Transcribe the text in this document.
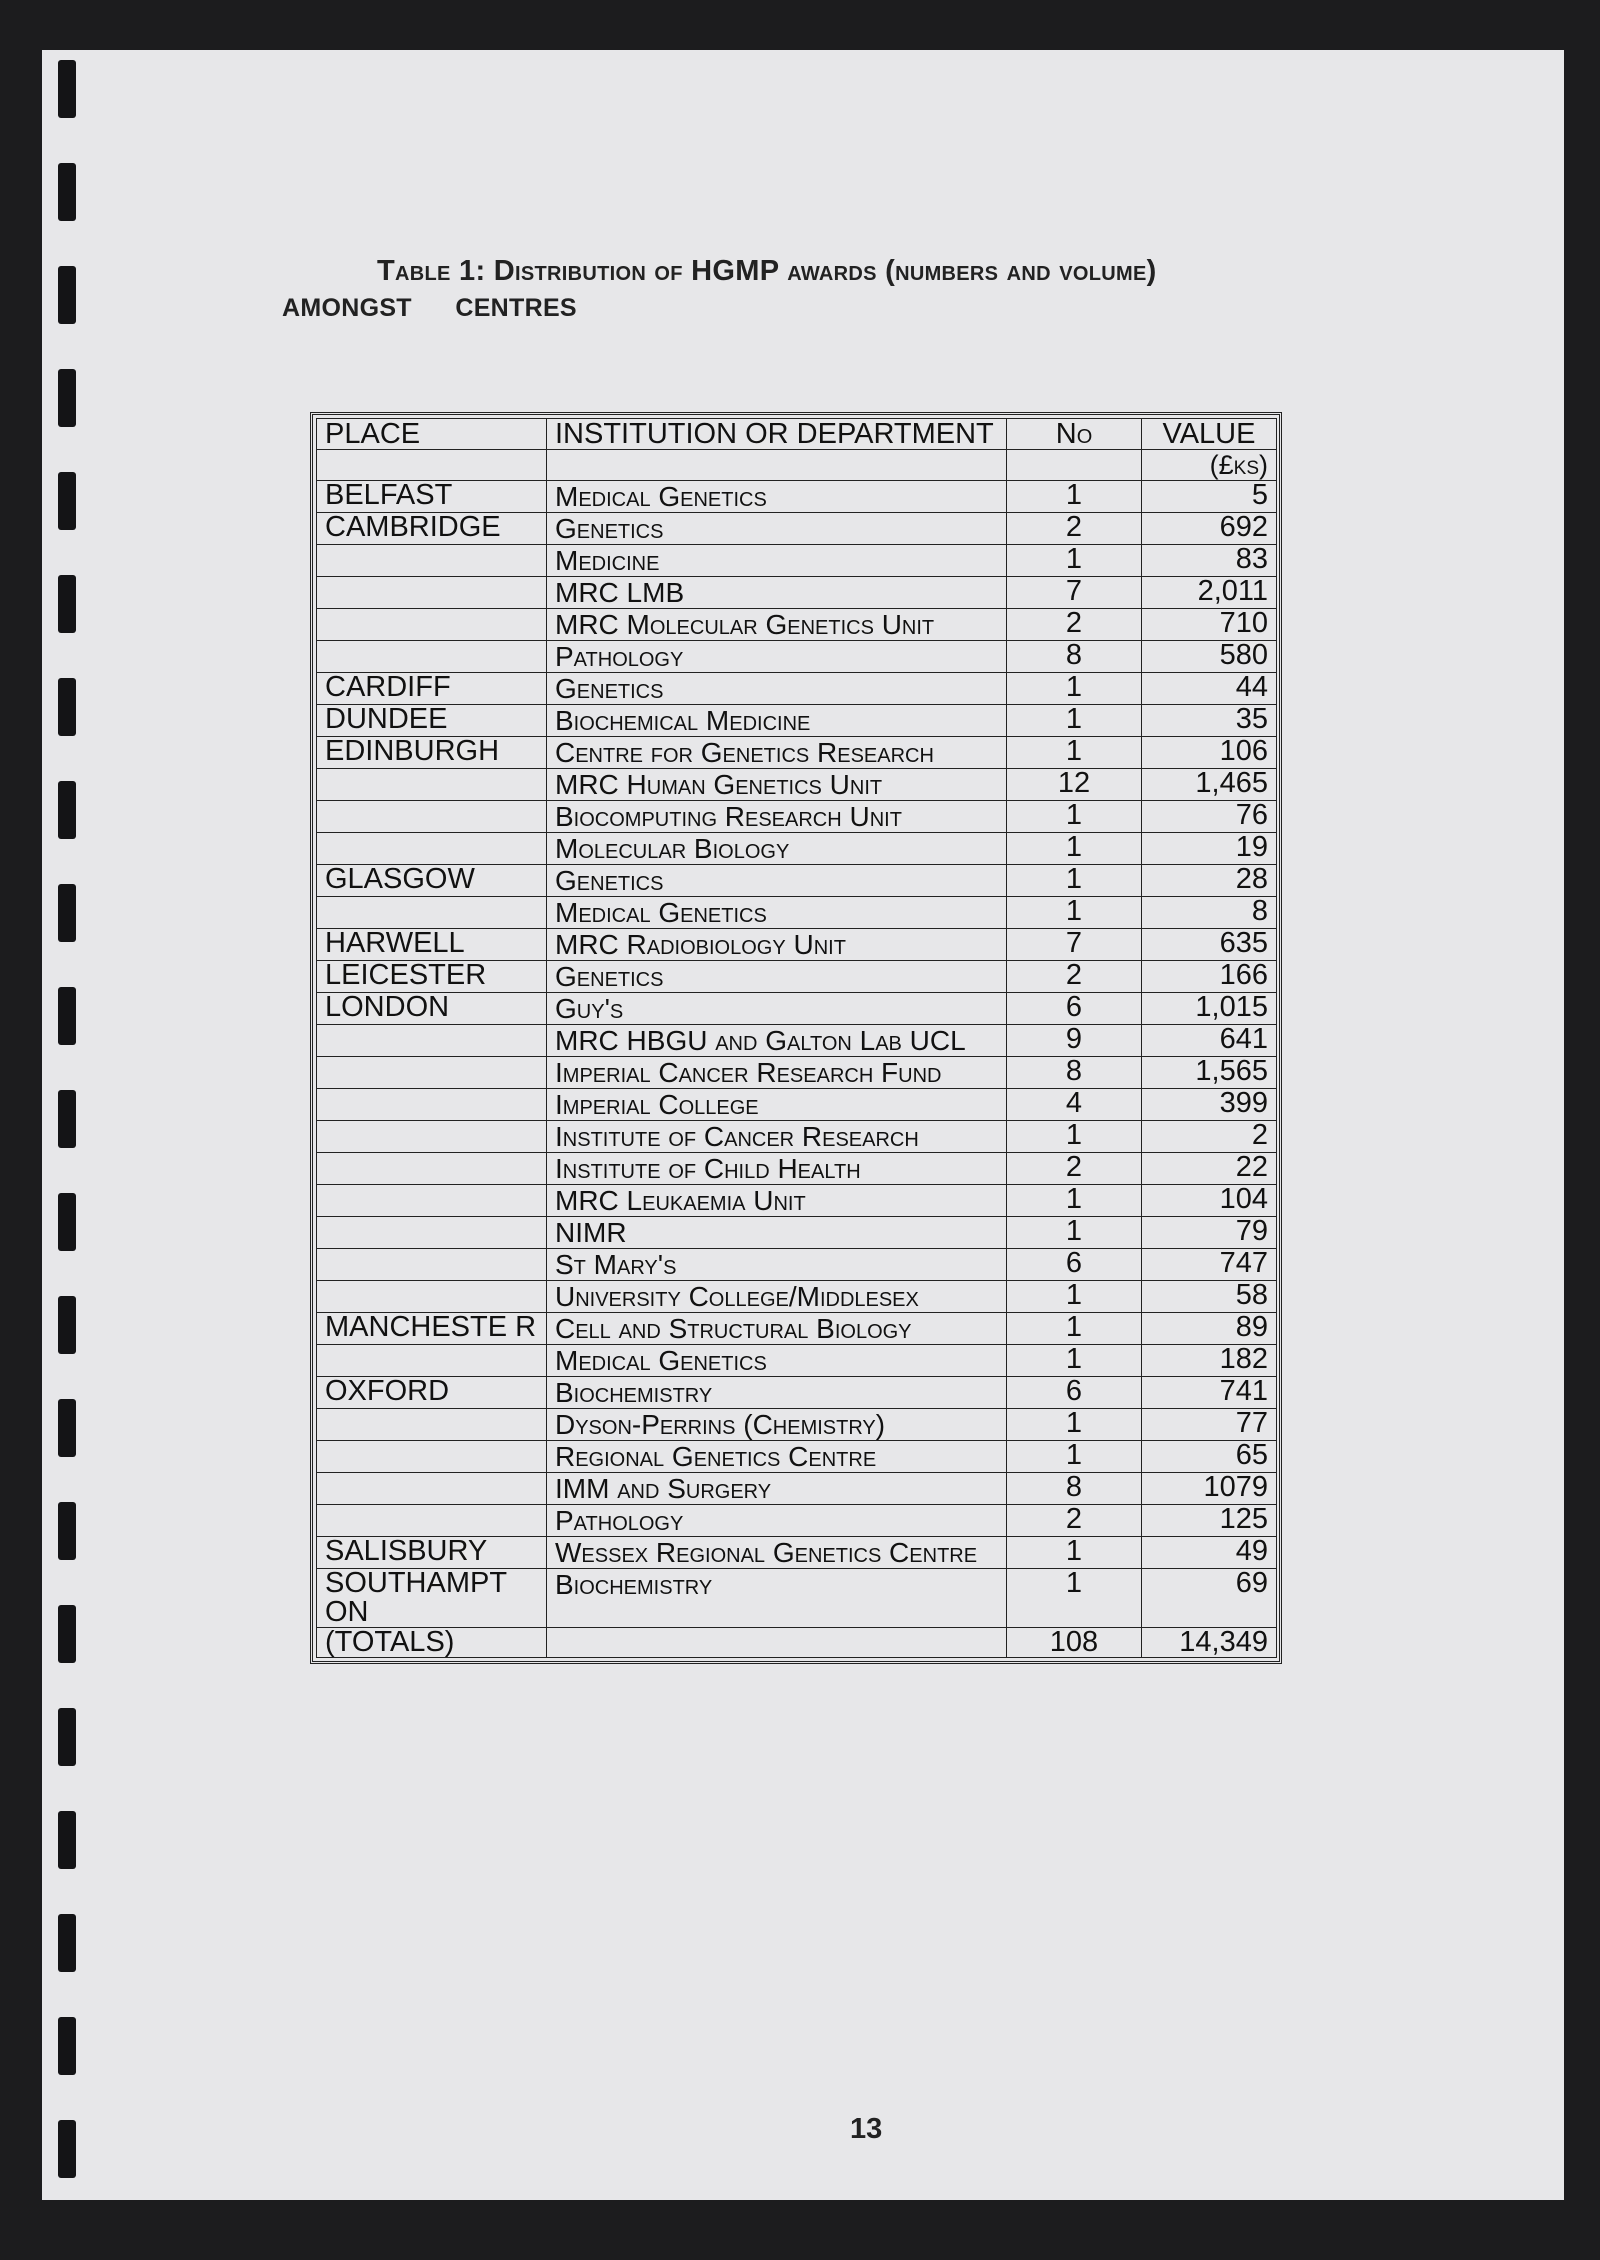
Table 1: Distribution of HGMP awards (numbers and volume)
AMONGST      CENTRES
PLACE	INSTITUTION OR DEPARTMENT	No	VALUE
			(£ks)
BELFAST	Medical Genetics	1	5
CAMBRIDGE	Genetics	2	692
	Medicine	1	83
	MRC LMB	7	2,011
	MRC Molecular Genetics Unit	2	710
	Pathology	8	580
CARDIFF	Genetics	1	44
DUNDEE	Biochemical Medicine	1	35
EDINBURGH	Centre for Genetics Research	1	106
	MRC Human Genetics Unit	12	1,465
	Biocomputing Research Unit	1	76
	Molecular Biology	1	19
GLASGOW	Genetics	1	28
	Medical Genetics	1	8
HARWELL	MRC Radiobiology Unit	7	635
LEICESTER	Genetics	2	166
LONDON	Guy's	6	1,015
	MRC HBGU and Galton Lab UCL	9	641
	Imperial Cancer Research Fund	8	1,565
	Imperial College	4	399
	Institute of Cancer Research	1	2
	Institute of Child Health	2	22
	MRC Leukaemia Unit	1	104
	NIMR	1	79
	St Mary's	6	747
	University College/Middlesex	1	58
MANCHESTE R	Cell and Structural Biology	1	89
	Medical Genetics	1	182
OXFORD	Biochemistry	6	741
	Dyson-Perrins (Chemistry)	1	77
	Regional Genetics Centre	1	65
	IMM and Surgery	8	1079
	Pathology	2	125
SALISBURY	Wessex Regional Genetics Centre	1	49
SOUTHAMPT ON	Biochemistry	1	69
(TOTALS)		108	14,349
13
